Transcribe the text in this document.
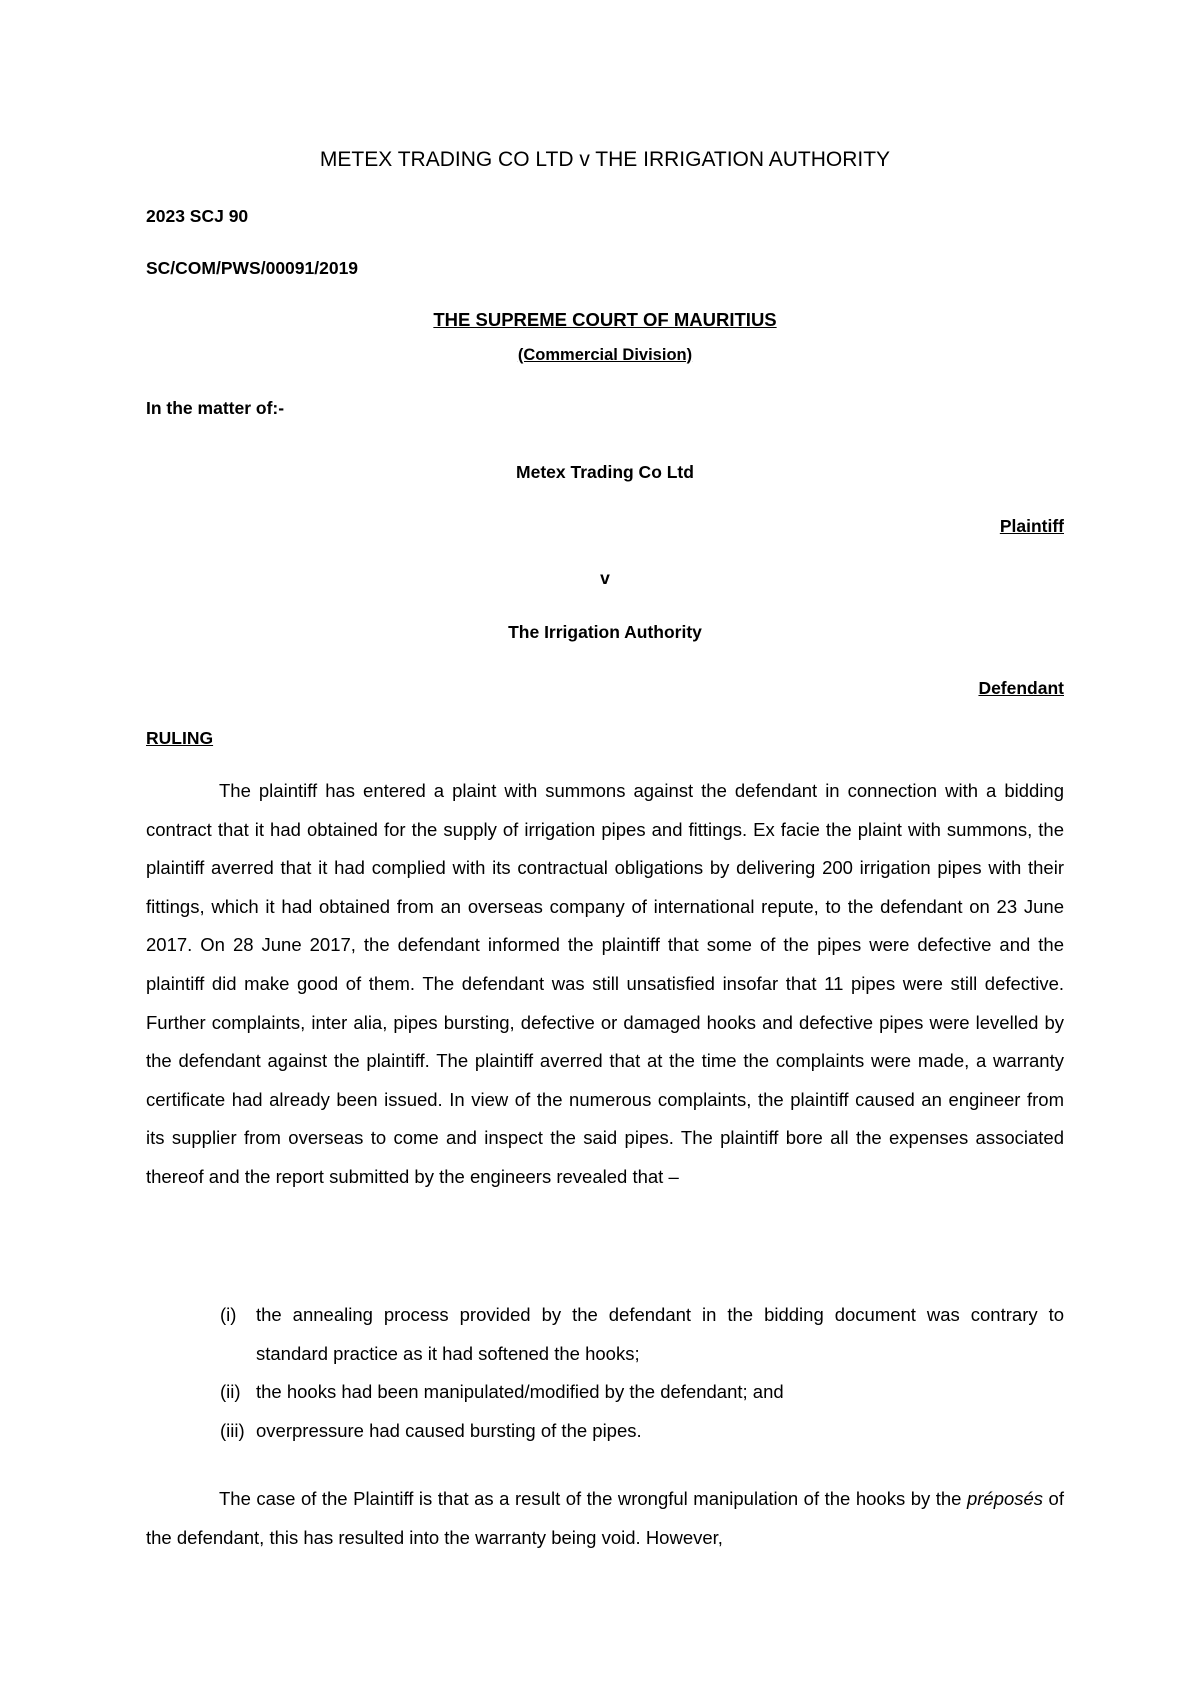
METEX TRADING CO LTD v THE IRRIGATION AUTHORITY
2023 SCJ 90
SC/COM/PWS/00091/2019
THE SUPREME COURT OF MAURITIUS
(Commercial Division)
In the matter of:-
Metex Trading Co Ltd
Plaintiff
v
The Irrigation Authority
Defendant
RULING

The plaintiff has entered a plaint with summons against the defendant in connection with a bidding contract that it had obtained for the supply of irrigation pipes and fittings. Ex facie the plaint with summons, the plaintiff averred that it had complied with its contractual obligations by delivering 200 irrigation pipes with their fittings, which it had obtained from an overseas company of international repute, to the defendant on 23 June 2017. On 28 June 2017, the defendant informed the plaintiff that some of the pipes were defective and the plaintiff did make good of them. The defendant was still unsatisfied insofar that 11 pipes were still defective. Further complaints, inter alia, pipes bursting, defective or damaged hooks and defective pipes were levelled by the defendant against the plaintiff. The plaintiff averred that at the time the complaints were made, a warranty certificate had already been issued. In view of the numerous complaints, the plaintiff caused an engineer from its supplier from overseas to come and inspect the said pipes. The plaintiff bore all the expenses associated thereof and the report submitted by the engineers revealed that –

(i)	the annealing process provided by the defendant in the bidding document was contrary to standard practice as it had softened the hooks;
(ii) the hooks had been manipulated/modified by the defendant; and
(iii) overpressure had caused bursting of the pipes.

The case of the Plaintiff is that as a result of the wrongful manipulation of the hooks by the préposés of the defendant, this has resulted into the warranty being void. However,
